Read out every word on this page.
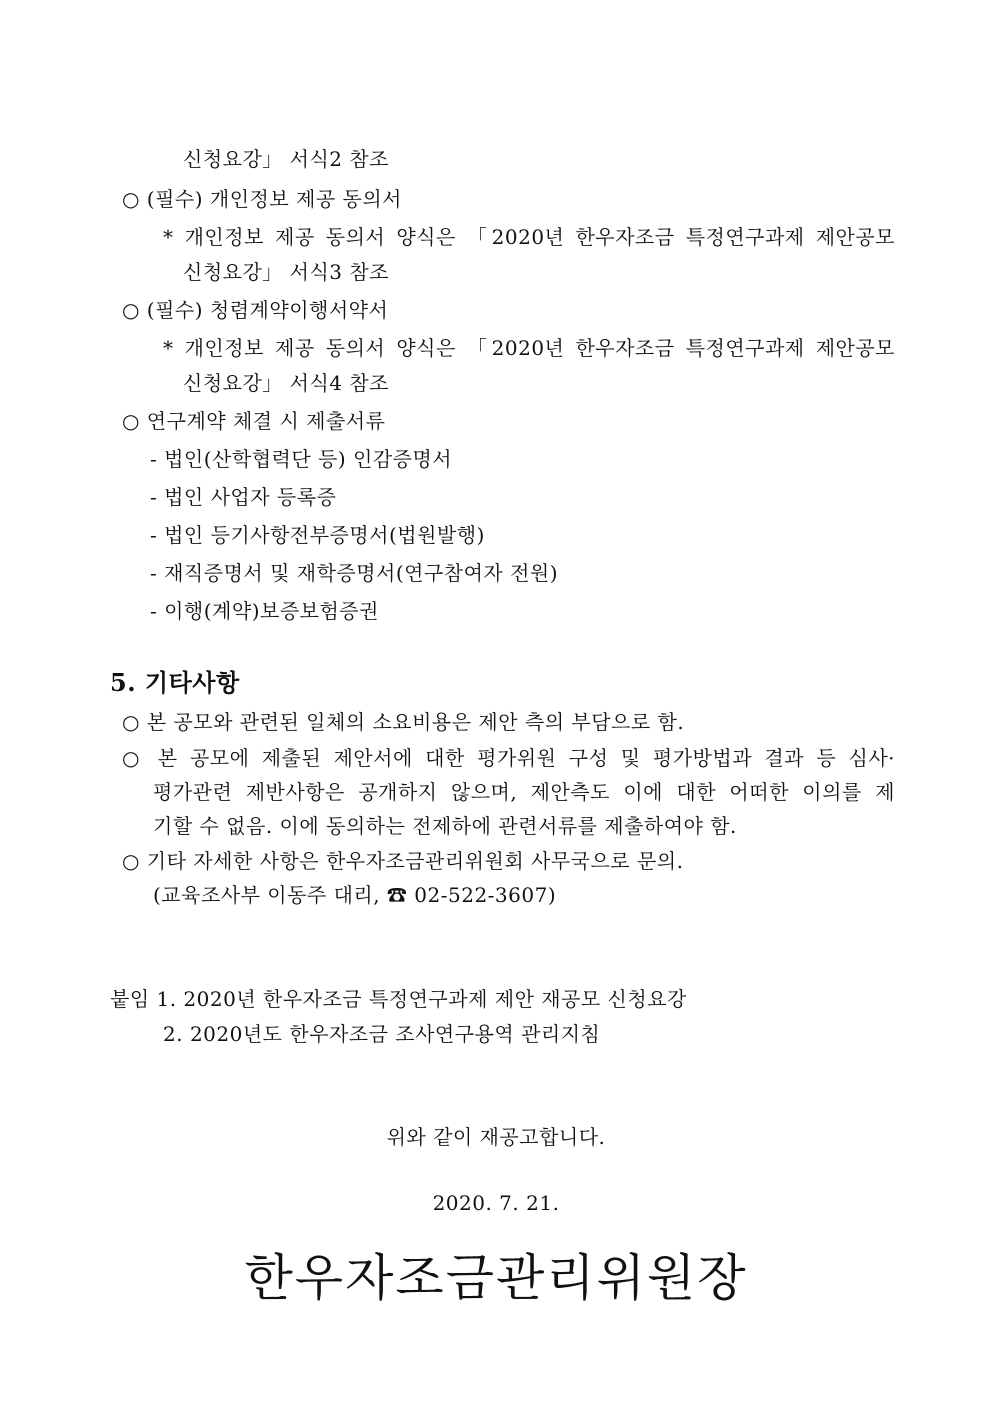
신청요강」 서식2 참조
○ (필수) 개인정보 제공 동의서
* 개인정보 제공 동의서 양식은 「2020년 한우자조금 특정연구과제 제안공모
신청요강」 서식3 참조
○ (필수) 청렴계약이행서약서
* 개인정보 제공 동의서 양식은 「2020년 한우자조금 특정연구과제 제안공모
신청요강」 서식4 참조
○ 연구계약 체결 시 제출서류
- 법인(산학협력단 등) 인감증명서
- 법인 사업자 등록증
- 법인 등기사항전부증명서(법원발행)
- 재직증명서 및 재학증명서(연구참여자 전원)
- 이행(계약)보증보험증권
5. 기타사항
○ 본 공모와 관련된 일체의 소요비용은 제안 측의 부담으로 함.
○ 본 공모에 제출된 제안서에 대한 평가위원 구성 및 평가방법과 결과 등 심사·
평가관련 제반사항은 공개하지 않으며, 제안측도 이에 대한 어떠한 이의를 제
기할 수 없음. 이에 동의하는 전제하에 관련서류를 제출하여야 함.
○ 기타 자세한 사항은 한우자조금관리위원회 사무국으로 문의.
(교육조사부 이동주 대리, ☎ 02-522-3607)
붙임 1. 2020년 한우자조금 특정연구과제 제안 재공모 신청요강
2. 2020년도 한우자조금 조사연구용역 관리지침
위와 같이 재공고합니다.
2020. 7. 21.
한우자조금관리위원장
